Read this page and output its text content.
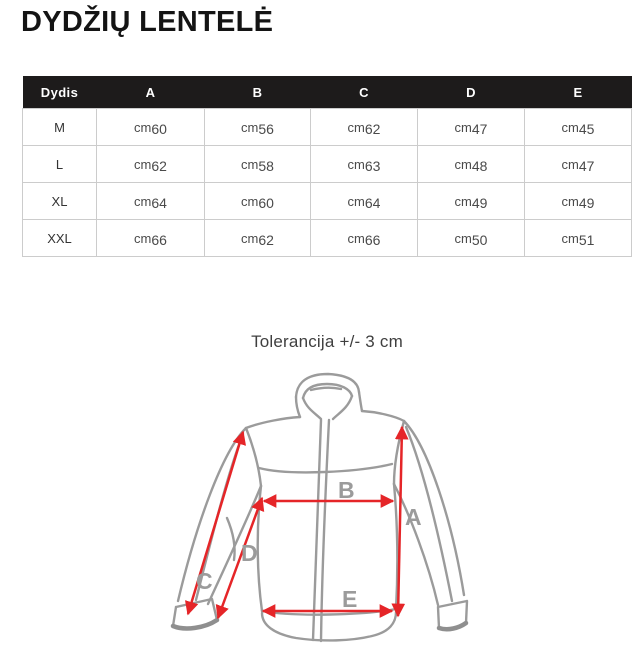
DYDŽIŲ LENTELĖ
Dydis	A	B	C	D	E
M	cm60	cm56	cm62	cm47	cm45
L	cm62	cm58	cm63	cm48	cm47
XL	cm64	cm60	cm64	cm49	cm49
XXL	cm66	cm62	cm66	cm50	cm51
Tolerancija +/- 3 cm
A
B
C
D
E
